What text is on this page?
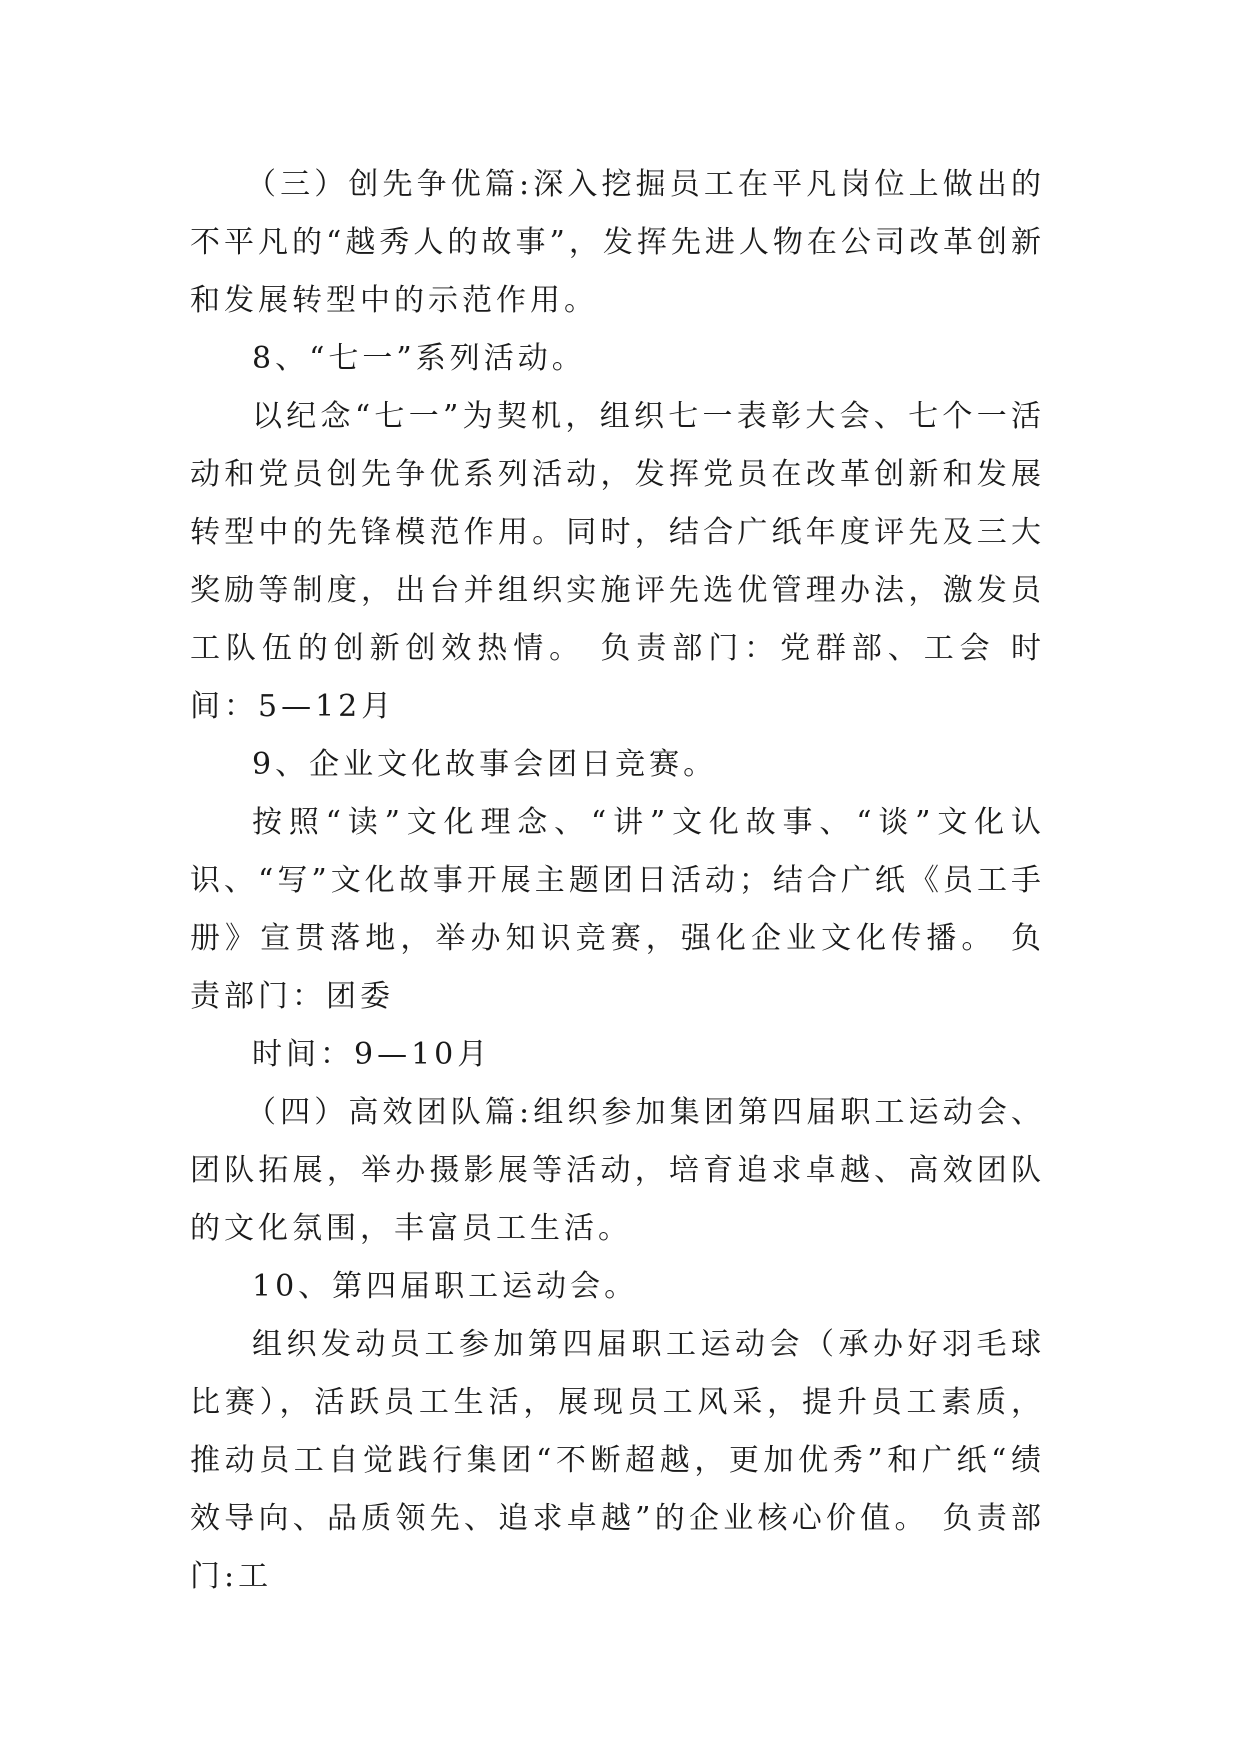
（三）创先争优篇:深入挖掘员工在平凡岗位上做出的不平凡的“越秀人的故事”，发挥先进人物在公司改革创新和发展转型中的示范作用。

8、“七一”系列活动。

以纪念“七一”为契机，组织七一表彰大会、七个一活动和党员创先争优系列活动，发挥党员在改革创新和发展转型中的先锋模范作用。同时，结合广纸年度评先及三大奖励等制度，出台并组织实施评先选优管理办法，激发员工队伍的创新创效热情。 负责部门：党群部、工会 时间：5—12月

9、企业文化故事会团日竞赛。

按照“读”文化理念、“讲”文化故事、“谈”文化认识、“写”文化故事开展主题团日活动；结合广纸《员工手册》宣贯落地，举办知识竞赛，强化企业文化传播。 负责部门：团委

时间：9—10月

（四）高效团队篇:组织参加集团第四届职工运动会、团队拓展，举办摄影展等活动，培育追求卓越、高效团队的文化氛围，丰富员工生活。

10、第四届职工运动会。

组织发动员工参加第四届职工运动会（承办好羽毛球比赛），活跃员工生活，展现员工风采，提升员工素质，推动员工自觉践行集团“不断超越，更加优秀”和广纸“绩效导向、品质领先、追求卓越”的企业核心价值。 负责部门:工
